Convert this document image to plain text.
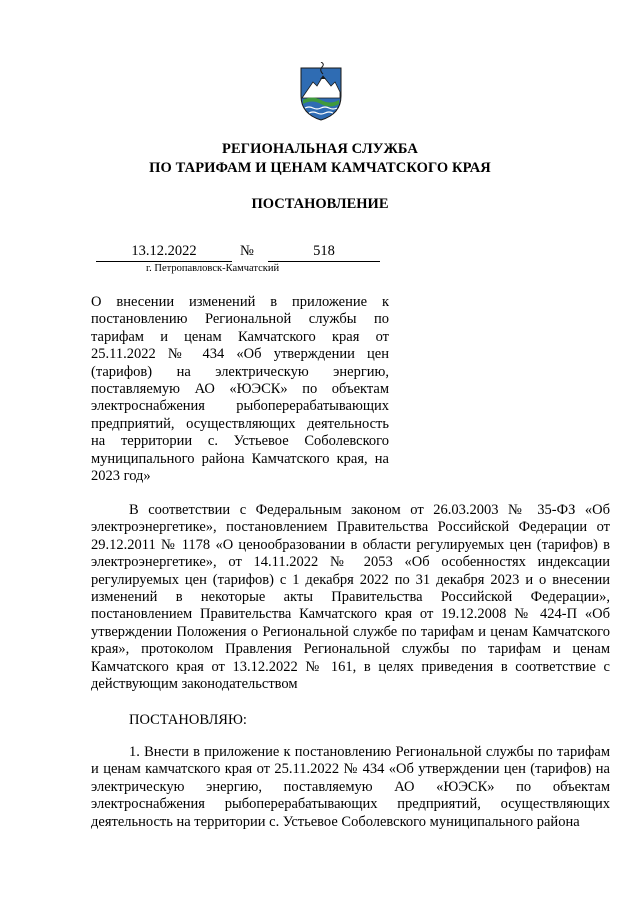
РЕГИОНАЛЬНАЯ СЛУЖБА
ПО ТАРИФАМ И ЦЕНАМ КАМЧАТСКОГО КРАЯ
ПОСТАНОВЛЕНИЕ
13.12.2022	№	518
г. Петропавловск-Камчатский
О внесении изменений в приложение к постановлению Региональной службы по тарифам и ценам Камчатского края от 25.11.2022 № 434 «Об утверждении цен (тарифов) на электрическую энергию, поставляемую АО «ЮЭСК» по объектам электроснабжения рыбоперерабатывающих предприятий, осуществляющих деятельность на территории с. Устьевое Соболевского муниципального района Камчатского края, на 2023 год»

В соответствии с Федеральным законом от 26.03.2003 № 35-ФЗ «Об электроэнергетике», постановлением Правительства Российской Федерации от 29.12.2011 № 1178 «О ценообразовании в области регулируемых цен (тарифов) в электроэнергетике», от 14.11.2022 № 2053 «Об особенностях индексации регулируемых цен (тарифов) с 1 декабря 2022 по 31 декабря 2023 и о внесении изменений в некоторые акты Правительства Российской Федерации», постановлением Правительства Камчатского края от 19.12.2008 № 424-П «Об утверждении Положения о Региональной службе по тарифам и ценам Камчатского края», протоколом Правления Региональной службы по тарифам и ценам Камчатского края от 13.12.2022 № 161, в целях приведения в соответствие с действующим законодательством

ПОСТАНОВЛЯЮ:

1. Внести в приложение к постановлению Региональной службы по тарифам и ценам камчатского края от 25.11.2022 № 434 «Об утверждении цен (тарифов) на электрическую энергию, поставляемую АО «ЮЭСК» по объектам электроснабжения рыбоперерабатывающих предприятий, осуществляющих деятельность на территории с. Устьевое Соболевского муниципального района
